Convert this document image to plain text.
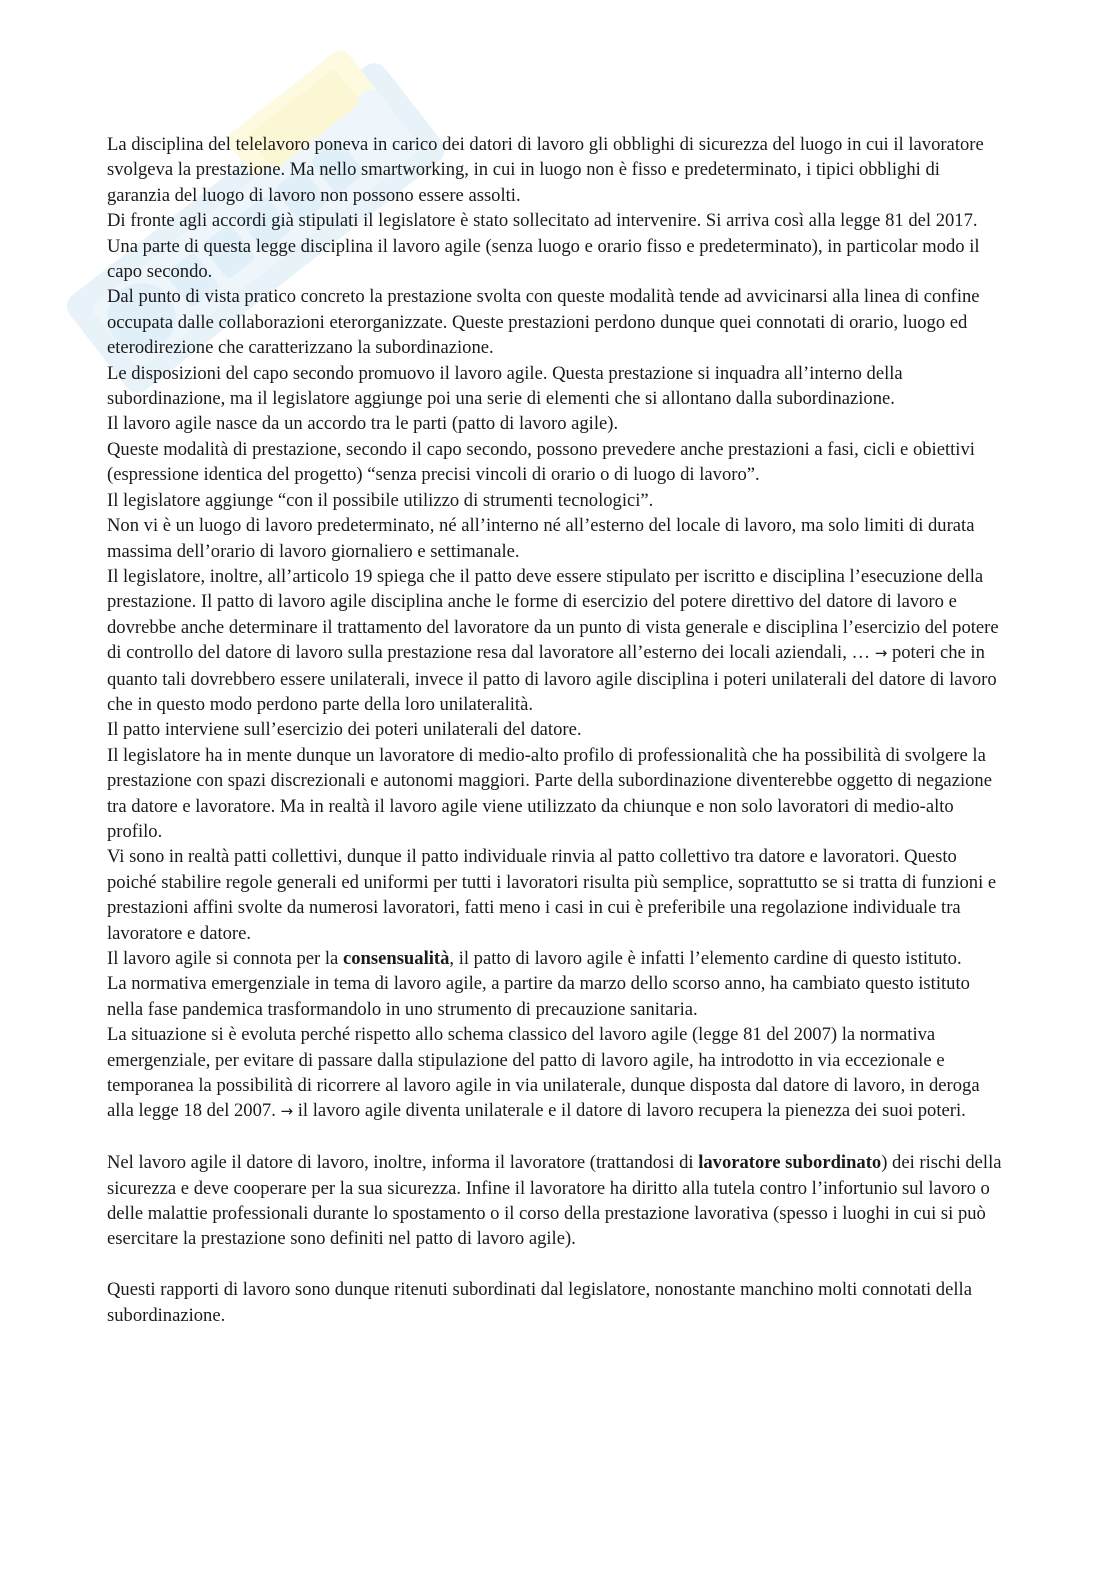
La disciplina del telelavoro poneva in carico dei datori di lavoro gli obblighi di sicurezza del luogo in cui il lavoratore svolgeva la prestazione. Ma nello smartworking, in cui in luogo non è fisso e predeterminato, i tipici obblighi di garanzia del luogo di lavoro non possono essere assolti.

Di fronte agli accordi già stipulati il legislatore è stato sollecitato ad intervenire. Si arriva così alla legge 81 del 2017. Una parte di questa legge disciplina il lavoro agile (senza luogo e orario fisso e predeterminato), in particolar modo il capo secondo.

Dal punto di vista pratico concreto la prestazione svolta con queste modalità tende ad avvicinarsi alla linea di confine occupata dalle collaborazioni eterorganizzate. Queste prestazioni perdono dunque quei connotati di orario, luogo ed eterodirezione che caratterizzano la subordinazione.

Le disposizioni del capo secondo promuovo il lavoro agile. Questa prestazione si inquadra all’interno della subordinazione, ma il legislatore aggiunge poi una serie di elementi che si allontano dalla subordinazione.

Il lavoro agile nasce da un accordo tra le parti (patto di lavoro agile).

Queste modalità di prestazione, secondo il capo secondo, possono prevedere anche prestazioni a fasi, cicli e obiettivi (espressione identica del progetto) “senza precisi vincoli di orario o di luogo di lavoro”.

Il legislatore aggiunge “con il possibile utilizzo di strumenti tecnologici”.

Non vi è un luogo di lavoro predeterminato, né all’interno né all’esterno del locale di lavoro, ma solo limiti di durata massima dell’orario di lavoro giornaliero e settimanale.

Il legislatore, inoltre, all’articolo 19 spiega che il patto deve essere stipulato per iscritto e disciplina l’esecuzione della prestazione. Il patto di lavoro agile disciplina anche le forme di esercizio del potere direttivo del datore di lavoro e dovrebbe anche determinare il trattamento del lavoratore da un punto di vista generale e disciplina l’esercizio del potere di controllo del datore di lavoro sulla prestazione resa dal lavoratore all’esterno dei locali aziendali, … → poteri che in quanto tali dovrebbero essere unilaterali, invece il patto di lavoro agile disciplina i poteri unilaterali del datore di lavoro che in questo modo perdono parte della loro unilateralità.

Il patto interviene sull’esercizio dei poteri unilaterali del datore.

Il legislatore ha in mente dunque un lavoratore di medio-alto profilo di professionalità che ha possibilità di svolgere la prestazione con spazi discrezionali e autonomi maggiori. Parte della subordinazione diventerebbe oggetto di negazione tra datore e lavoratore. Ma in realtà il lavoro agile viene utilizzato da chiunque e non solo lavoratori di medio-alto profilo.

Vi sono in realtà patti collettivi, dunque il patto individuale rinvia al patto collettivo tra datore e lavoratori. Questo poiché stabilire regole generali ed uniformi per tutti i lavoratori risulta più semplice, soprattutto se si tratta di funzioni e prestazioni affini svolte da numerosi lavoratori, fatti meno i casi in cui è preferibile una regolazione individuale tra lavoratore e datore.

Il lavoro agile si connota per la consensualità, il patto di lavoro agile è infatti l’elemento cardine di questo istituto.

La normativa emergenziale in tema di lavoro agile, a partire da marzo dello scorso anno, ha cambiato questo istituto nella fase pandemica trasformandolo in uno strumento di precauzione sanitaria.

La situazione si è evoluta perché rispetto allo schema classico del lavoro agile (legge 81 del 2007) la normativa emergenziale, per evitare di passare dalla stipulazione del patto di lavoro agile, ha introdotto in via eccezionale e temporanea la possibilità di ricorrere al lavoro agile in via unilaterale, dunque disposta dal datore di lavoro, in deroga alla legge 18 del 2007. → il lavoro agile diventa unilaterale e il datore di lavoro recupera la pienezza dei suoi poteri.

Nel lavoro agile il datore di lavoro, inoltre, informa il lavoratore (trattandosi di lavoratore subordinato) dei rischi della sicurezza e deve cooperare per la sua sicurezza. Infine il lavoratore ha diritto alla tutela contro l’infortunio sul lavoro o delle malattie professionali durante lo spostamento o il corso della prestazione lavorativa (spesso i luoghi in cui si può esercitare la prestazione sono definiti nel patto di lavoro agile).

Questi rapporti di lavoro sono dunque ritenuti subordinati dal legislatore, nonostante manchino molti connotati della subordinazione.
